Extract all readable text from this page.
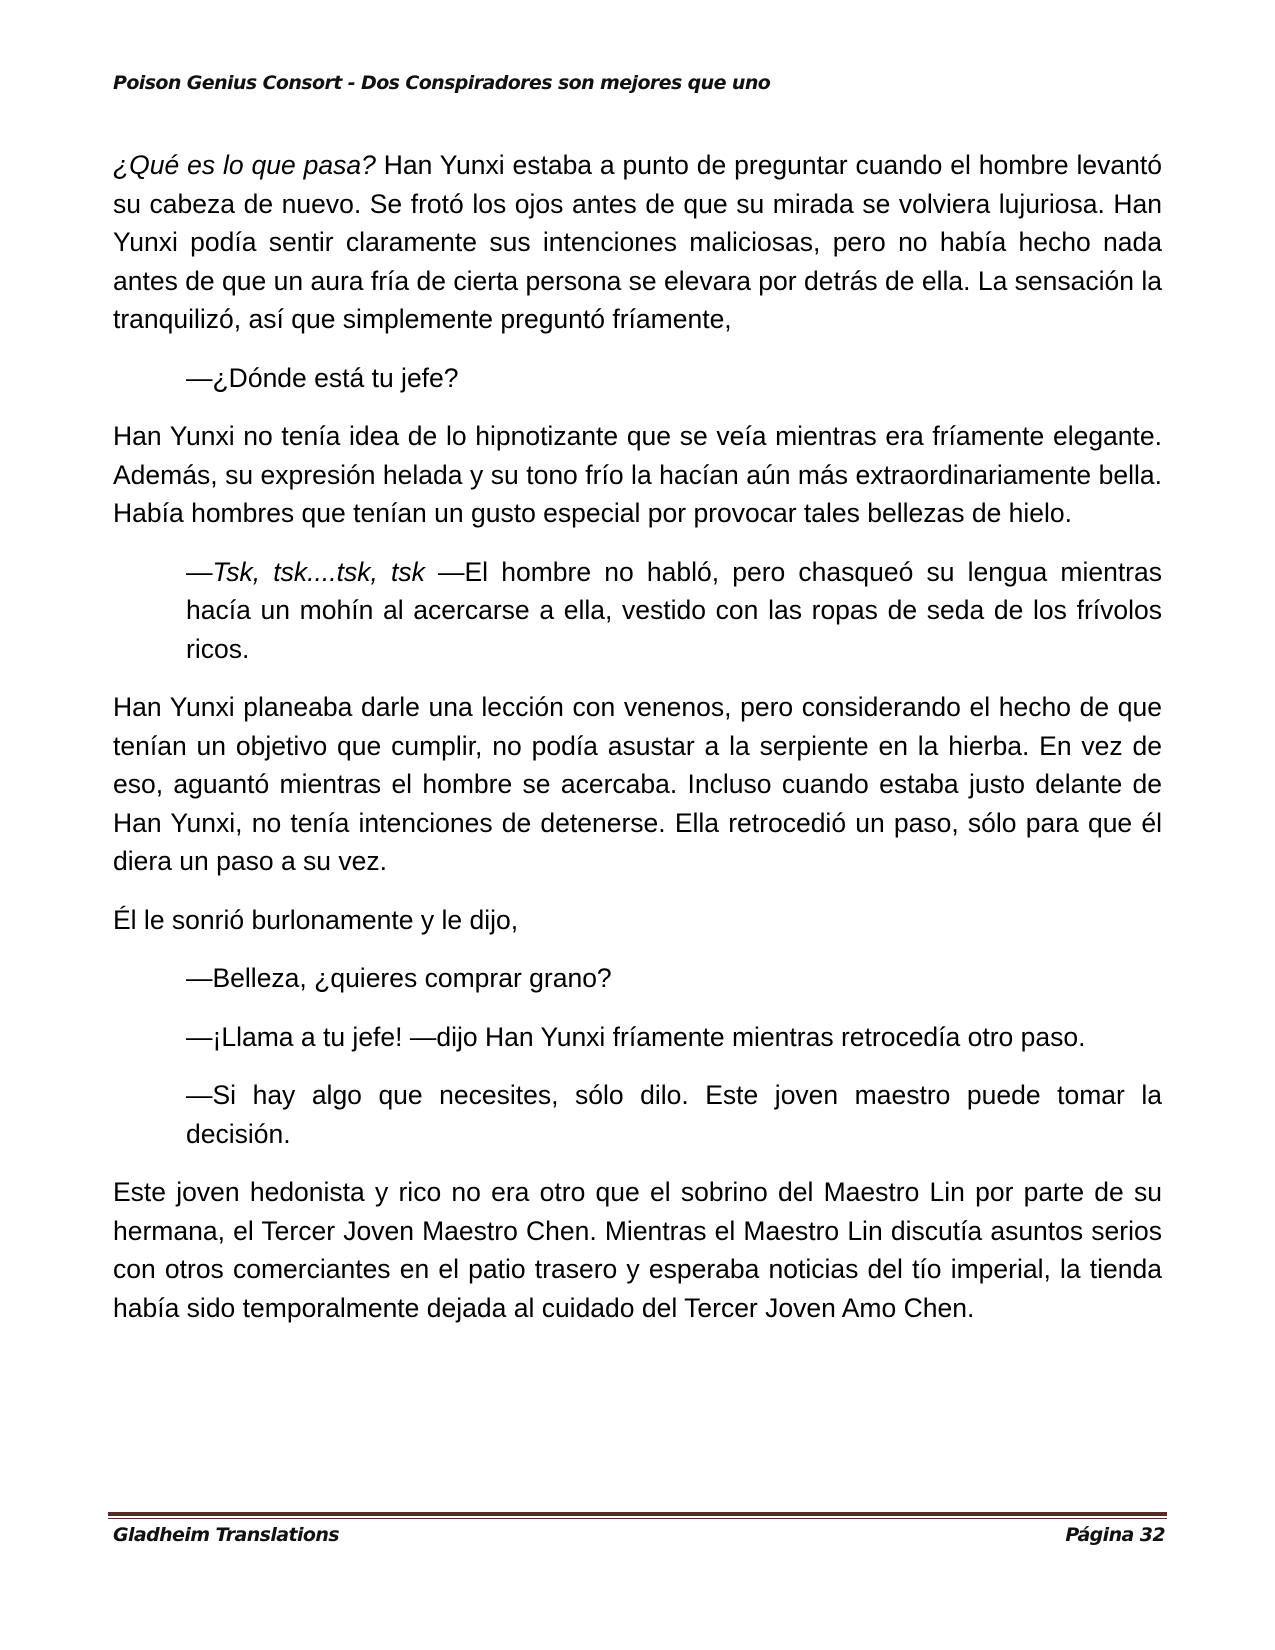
Poison Genius Consort - Dos Conspiradores son mejores que uno

¿Qué es lo que pasa? Han Yunxi estaba a punto de preguntar cuando el hombre levantó su cabeza de nuevo. Se frotó los ojos antes de que su mirada se volviera lujuriosa. Han Yunxi podía sentir claramente sus intenciones maliciosas, pero no había hecho nada antes de que un aura fría de cierta persona se elevara por detrás de ella. La sensación la tranquilizó, así que simplemente preguntó fríamente,

—¿Dónde está tu jefe?

Han Yunxi no tenía idea de lo hipnotizante que se veía mientras era fríamente elegante. Además, su expresión helada y su tono frío la hacían aún más extraordinariamente bella. Había hombres que tenían un gusto especial por provocar tales bellezas de hielo.

—Tsk, tsk....tsk, tsk —El hombre no habló, pero chasqueó su lengua mientras hacía un mohín al acercarse a ella, vestido con las ropas de seda de los frívolos ricos.

Han Yunxi planeaba darle una lección con venenos, pero considerando el hecho de que tenían un objetivo que cumplir, no podía asustar a la serpiente en la hierba. En vez de eso, aguantó mientras el hombre se acercaba. Incluso cuando estaba justo delante de Han Yunxi, no tenía intenciones de detenerse. Ella retrocedió un paso, sólo para que él diera un paso a su vez.

Él le sonrió burlonamente y le dijo,

—Belleza, ¿quieres comprar grano?

—¡Llama a tu jefe! —dijo Han Yunxi fríamente mientras retrocedía otro paso.

—Si hay algo que necesites, sólo dilo. Este joven maestro puede tomar la decisión.

Este joven hedonista y rico no era otro que el sobrino del Maestro Lin por parte de su hermana, el Tercer Joven Maestro Chen. Mientras el Maestro Lin discutía asuntos serios con otros comerciantes en el patio trasero y esperaba noticias del tío imperial, la tienda había sido temporalmente dejada al cuidado del Tercer Joven Amo Chen.

Gladheim Translations	Página 32
